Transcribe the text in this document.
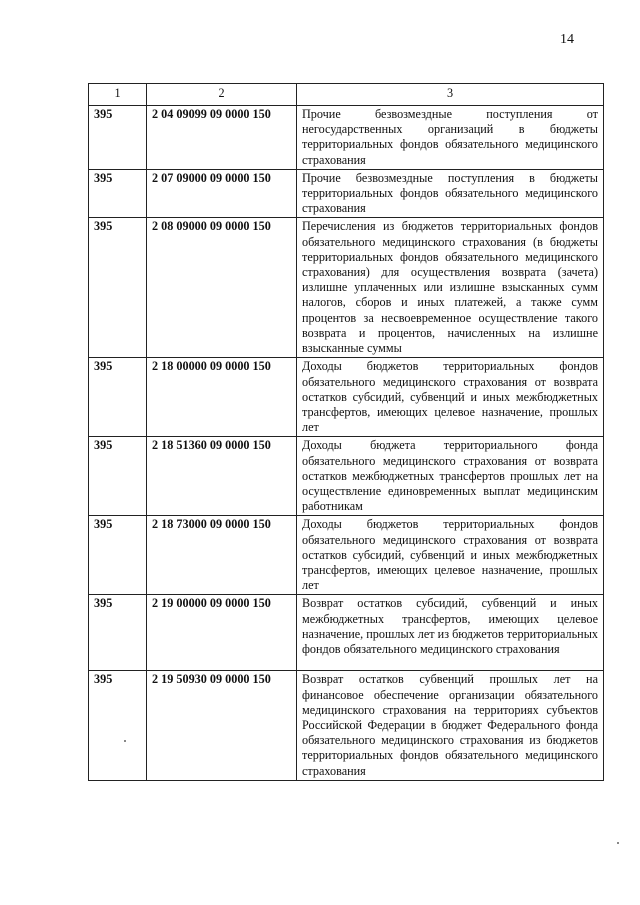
14
1	2	3
395	2 04 09099 09 0000 150	Прочие безвозмездные поступления от негосударственных организаций в бюджеты территориальных фондов обязательного медицинского страхования
395	2 07 09000 09 0000 150	Прочие безвозмездные поступления в бюджеты территориальных фондов обязательного медицинского страхования
395	2 08 09000 09 0000 150	Перечисления из бюджетов территориальных фондов обязательного медицинского страхования (в бюджеты территориальных фондов обязательного медицинского страхования) для осуществления возврата (зачета) излишне уплаченных или излишне взысканных сумм налогов, сборов и иных платежей, а также сумм процентов за несвоевременное осуществление такого возврата и процентов, начисленных на излишне взысканные суммы
395	2 18 00000 09 0000 150	Доходы бюджетов территориальных фондов обязательного медицинского страхования от возврата остатков субсидий, субвенций и иных межбюджетных трансфертов, имеющих целевое назначение, прошлых лет
395	2 18 51360 09 0000 150	Доходы бюджета территориального фонда обязательного медицинского страхования от возврата остатков межбюджетных трансфертов прошлых лет на осуществление единовременных выплат медицинским работникам
395	2 18 73000 09 0000 150	Доходы бюджетов территориальных фондов обязательного медицинского страхования от возврата остатков субсидий, субвенций и иных межбюджетных трансфертов, имеющих целевое назначение, прошлых лет
395	2 19 00000 09 0000 150	Возврат остатков субсидий, субвенций и иных межбюджетных трансфертов, имеющих целевое назначение, прошлых лет из бюджетов территориальных фондов обязательного медицинского страхования
395	2 19 50930 09 0000 150	Возврат остатков субвенций прошлых лет на финансовое обеспечение организации обязательного медицинского страхования на территориях субъектов Российской Федерации в бюджет Федерального фонда обязательного медицинского страхования из бюджетов территориальных фондов обязательного медицинского страхования
